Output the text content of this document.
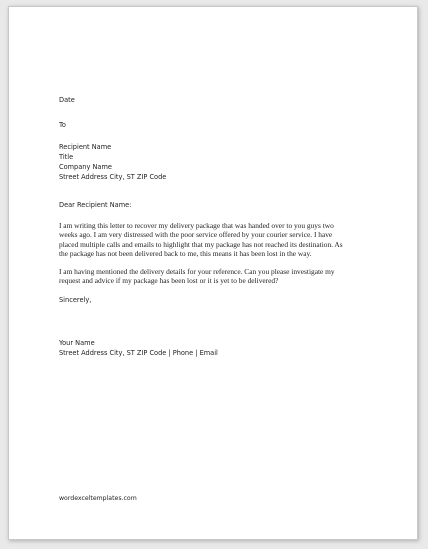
Date

To

Recipient Name
Title
Company Name
Street Address City, ST ZIP Code

Dear Recipient Name:

I am writing this letter to recover my delivery package that was handed over to you guys two
weeks ago. I am very distressed with the poor service offered by your courier service. I have
placed multiple calls and emails to highlight that my package has not reached its destination. As
the package has not been delivered back to me, this means it has been lost in the way.
I am having mentioned the delivery details for your reference. Can you please investigate my
request and advice if my package has been lost or it is yet to be delivered?

Sincerely,

Your Name
Street Address City, ST ZIP Code | Phone | Email

wordexceltemplates.com
